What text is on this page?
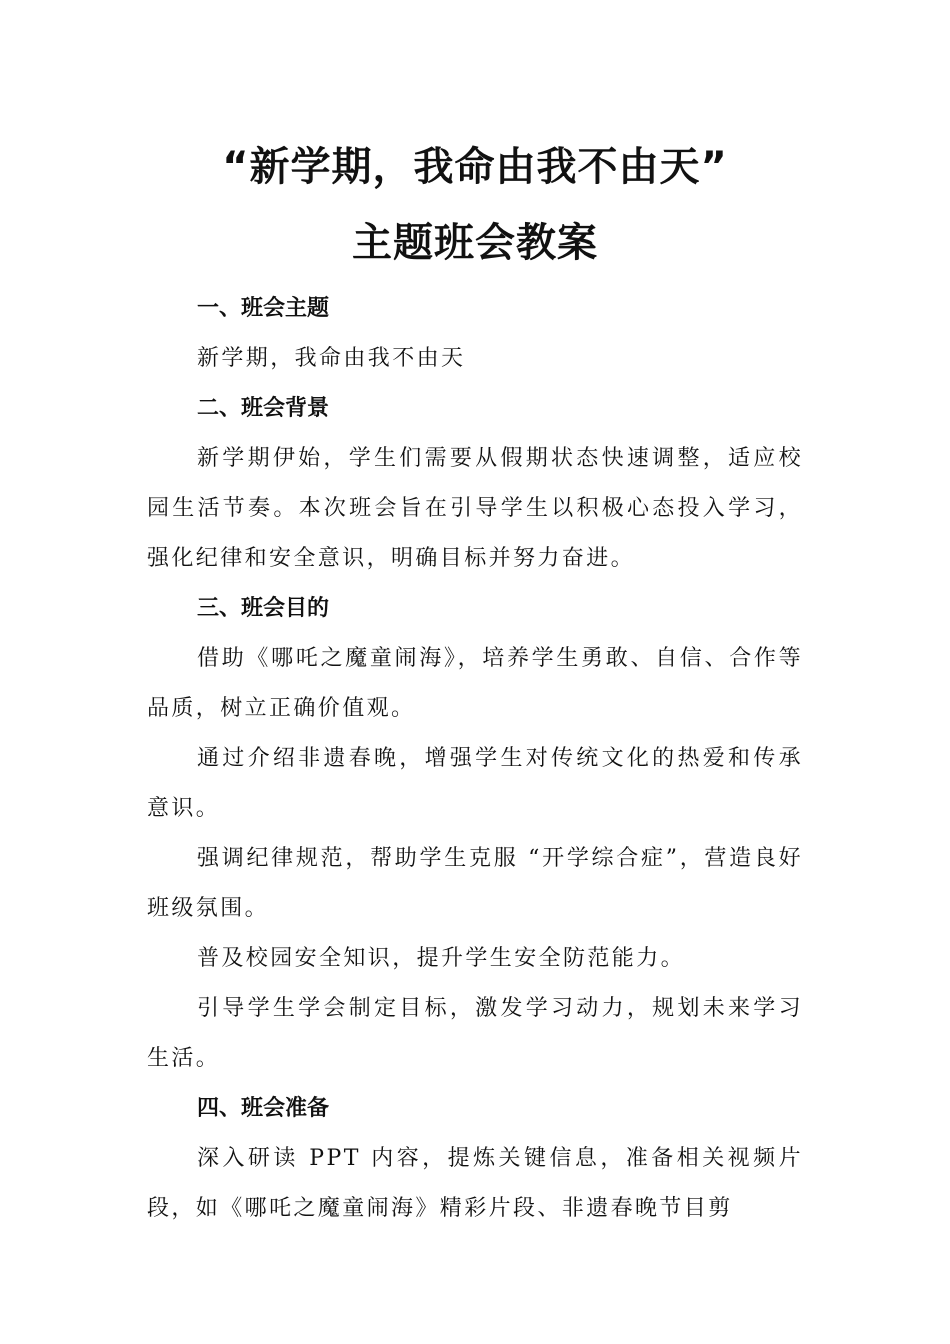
“新学期，我命由我不由天”
主题班会教案
一、班会主题

新学期，我命由我不由天

二、班会背景

新学期伊始，学生们需要从假期状态快速调整，适应校园生活节奏。本次班会旨在引导学生以积极心态投入学习，强化纪律和安全意识，明确目标并努力奋进。

三、班会目的

借助《哪吒之魔童闹海》，培养学生勇敢、自信、合作等品质，树立正确价值观。

通过介绍非遗春晚，增强学生对传统文化的热爱和传承意识。

强调纪律规范，帮助学生克服 “开学综合症”，营造良好班级氛围。

普及校园安全知识，提升学生安全防范能力。

引导学生学会制定目标，激发学习动力，规划未来学习生活。

四、班会准备

深入研读 PPT 内容，提炼关键信息，准备相关视频片段，如《哪吒之魔童闹海》精彩片段、非遗春晚节目剪
